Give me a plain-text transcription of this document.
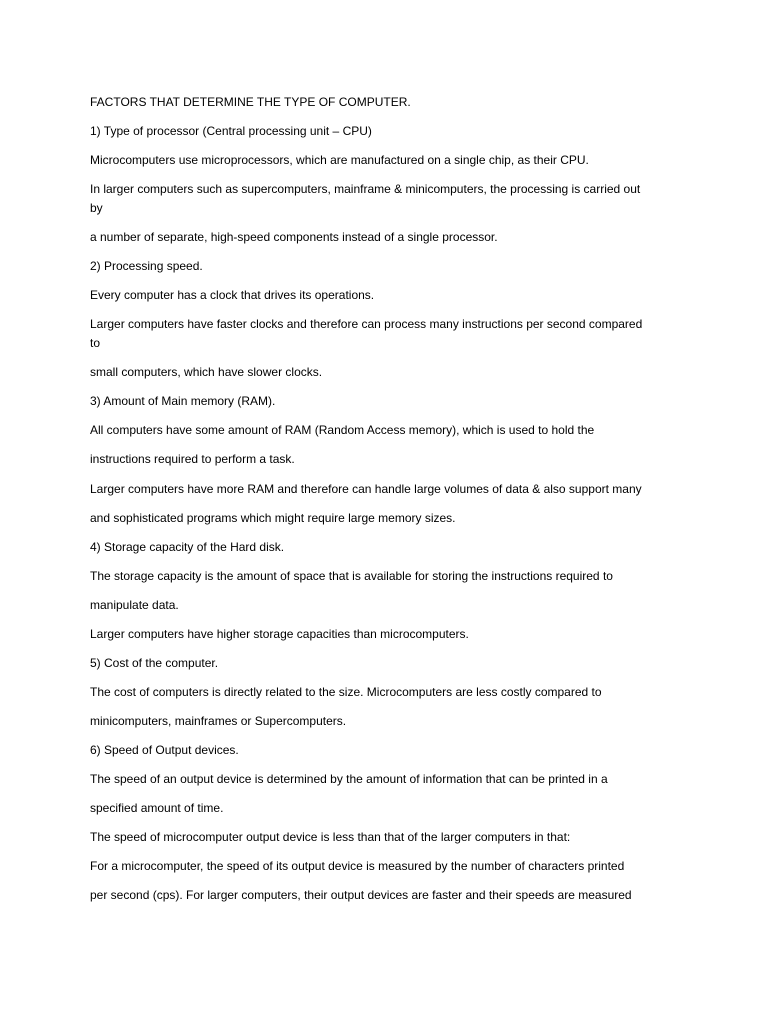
FACTORS THAT DETERMINE THE TYPE OF COMPUTER.

1) Type of processor (Central processing unit – CPU)

Microcomputers use microprocessors, which are manufactured on a single chip, as their CPU.

In larger computers such as supercomputers, mainframe & minicomputers, the processing is carried out

by

a number of separate, high-speed components instead of a single processor.

2) Processing speed.

Every computer has a clock that drives its operations.

Larger computers have faster clocks and therefore can process many instructions per second compared

to

small computers, which have slower clocks.

3) Amount of Main memory (RAM).

All computers have some amount of RAM (Random Access memory), which is used to hold the

instructions required to perform a task.

Larger computers have more RAM and therefore can handle large volumes of data & also support many

and sophisticated programs which might require large memory sizes.

4) Storage capacity of the Hard disk.

The storage capacity is the amount of space that is available for storing the instructions required to

manipulate data.

Larger computers have higher storage capacities than microcomputers.

5) Cost of the computer.

The cost of computers is directly related to the size. Microcomputers are less costly compared to

minicomputers, mainframes or Supercomputers.

6) Speed of Output devices.

The speed of an output device is determined by the amount of information that can be printed in a

specified amount of time.

The speed of microcomputer output device is less than that of the larger computers in that:

For a microcomputer, the speed of its output device is measured by the number of characters printed

per second (cps). For larger computers, their output devices are faster and their speeds are measured
